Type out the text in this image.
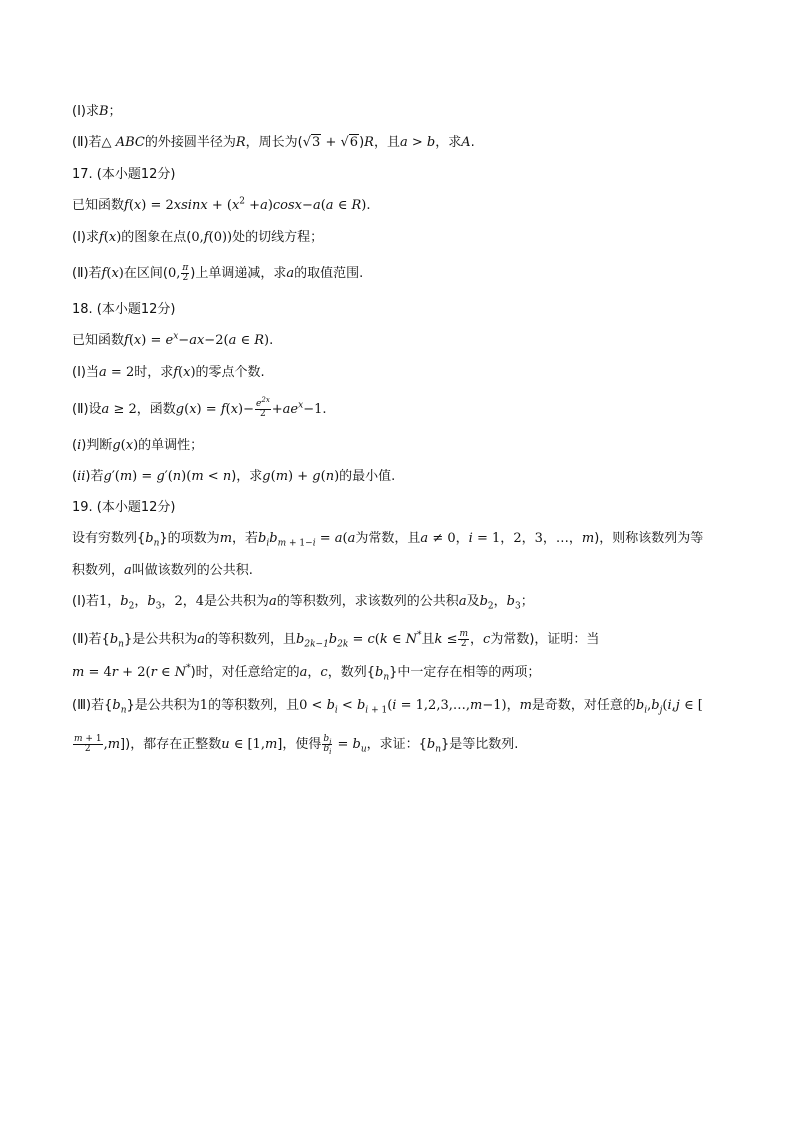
(Ⅰ)求B；
(Ⅱ)若△ ABC的外接圆半径为R，周长为(√3 + √6)R，且a > b，求A.
17. (本小题12分)
已知函数$f(x) = 2xsinx + (x^2 +a)\cos x-a(a$ ∈ R).
(Ⅰ)求f(x)的图象在点(0,f(0))处的切线方程；
(Ⅱ)若f(x)在区间(0, $\frac{\pi}{2}$ )上单调递减，求a的取值范围.
18. (本小题12分)
已知函数$f(x) = e^x-ax-2(a$ ∈ R).
(Ⅰ)当a = 2时，求f(x)的零点个数.
(Ⅱ)设a ≥ 2，函数$g(x) = f(x)- \frac{e^{2x}}{2} +ae^x-1$.
(i)判断g(x)的单调性；
(ii)若g′(m) = g′(n)(m < n)，求g(m) + g(n)的最小值.
19. (本小题12分)
设有穷数列$\{b_n\}$的项数为m，若$b_ib_{m + 1-i} = a(a$为常数，且a ≠ 0，i = 1，2，3，…，m)，则称该数列为等
积数列，a叫做该数列的公共积.
(Ⅰ)若1，$b_2$，$b_3$，2，4是公共积为a的等积数列，求该数列的公共积a及$b_2$，$b_3$；
(Ⅱ)若$\{b_n\}$是公共积为a的等积数列，且$b_{2k-1}b_{2k} = c(k$ ∈ N*且$k \le \frac{m}{2}$ ，c为常数)，证明：当
m = 4r + 2(r ∈ N*)时，对任意给定的a，c，数列$\{b_n\}$中一定存在相等的两项；
(Ⅲ)若$\{b_n\}$是公共积为1的等积数列，且$0 < b_i < b_{i + 1}(i$ = 1,2,3,…,m−1)，m是奇数，对任意的$b_i,b_j(i,j$ ∈ [
$\frac{m + 1}{2} ,m$])，都存在正整数u ∈ [1,m]，使得 $\frac{b_j}{b_i} = b_u$，求证：$\{b_n\}$是等比数列.
